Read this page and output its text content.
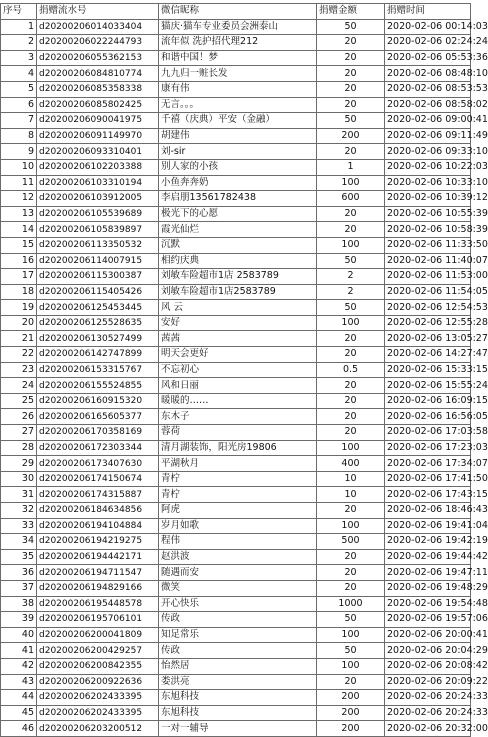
序号	捐赠流水号	微信昵称	捐赠金额	捐赠时间
1	d20200206014033404	猫庆·猫车专业委员会洲泰山	50	2020-02-06 00:14:03
2	d20200206022244793	流年似 洗护招代理212	20	2020-02-06 02:24:24
3	d20200206055362153	和谐中国！梦	20	2020-02-06 05:53:36
4	d20200206084810774	九九归一赃长发	20	2020-02-06 08:48:10
5	d20200206085358338	康有伟	20	2020-02-06 08:53:53
6	d20200206085802425	无言。。。	20	2020-02-06 08:58:02
7	d20200206090041975	千禧（庆典）平安（金融）	50	2020-02-06 09:00:41
8	d20200206091149970	胡建伟	200	2020-02-06 09:11:49
9	d20200206093310401	刘-sir	20	2020-02-06 09:33:10
10	d20200206102203388	别人家的小孩	1	2020-02-06 10:22:03
11	d20200206103310194	小鱼奔奔奶	100	2020-02-06 10:33:10
12	d20200206103912005	李启朋13561782438	600	2020-02-06 10:39:12
13	d20200206105539689	极光下的心愿	20	2020-02-06 10:55:39
14	d20200206105839897	霞光仙烂	20	2020-02-06 10:58:39
15	d20200206113350532	沉默	100	2020-02-06 11:33:50
16	d20200206114007915	相约庆典	50	2020-02-06 11:40:07
17	d20200206115300387	刘敏车险超市1店 2583789	2	2020-02-06 11:53:00
18	d20200206115405426	刘敏车险超市1店2583789	2	2020-02-06 11:54:05
19	d20200206125453445	风 云	50	2020-02-06 12:54:53
20	d20200206125528635	安好	100	2020-02-06 12:55:28
21	d20200206130527499	茜茜	20	2020-02-06 13:05:27
22	d20200206142747899	明天会更好	20	2020-02-06 14:27:47
23	d20200206153315767	不忘初心	0.5	2020-02-06 15:33:15
24	d20200206155524855	风和日丽	20	2020-02-06 15:55:24
25	d20200206160915320	暖暖的……	20	2020-02-06 16:09:15
26	d20200206165605377	东木子	20	2020-02-06 16:56:05
27	d20200206170358169	蓉荷	20	2020-02-06 17:03:58
28	d20200206172303344	清月湖装饰，阳光房19806	100	2020-02-06 17:23:03
29	d20200206173407630	平湖秋月	400	2020-02-06 17:34:07
30	d20200206174150674	青柠	10	2020-02-06 17:41:50
31	d20200206174315887	青柠	10	2020-02-06 17:43:15
32	d20200206184634856	阿虎	20	2020-02-06 18:46:43
33	d20200206194104884	岁月如歌	100	2020-02-06 19:41:04
34	d20200206194219275	程伟	500	2020-02-06 19:42:19
35	d20200206194442171	赵洪波	20	2020-02-06 19:44:42
36	d20200206194711547	随遇而安	20	2020-02-06 19:47:11
37	d20200206194829166	微笑	20	2020-02-06 19:48:29
38	d20200206195448578	开心快乐	1000	2020-02-06 19:54:48
39	d20200206195706101	传政	50	2020-02-06 19:57:06
40	d20200206200041809	知足常乐	100	2020-02-06 20:00:41
41	d20200206200429257	传政	50	2020-02-06 20:04:29
42	d20200206200842355	怡然居	100	2020-02-06 20:08:42
43	d20200206200922636	娄洪亮	20	2020-02-06 20:09:22
44	d20200206202433395	东旭科技	200	2020-02-06 20:24:33
45	d20200206202433395	东旭科技	200	2020-02-06 20:24:33
46	d20200206203200512	一对一辅导	200	2020-02-06 20:32:00
